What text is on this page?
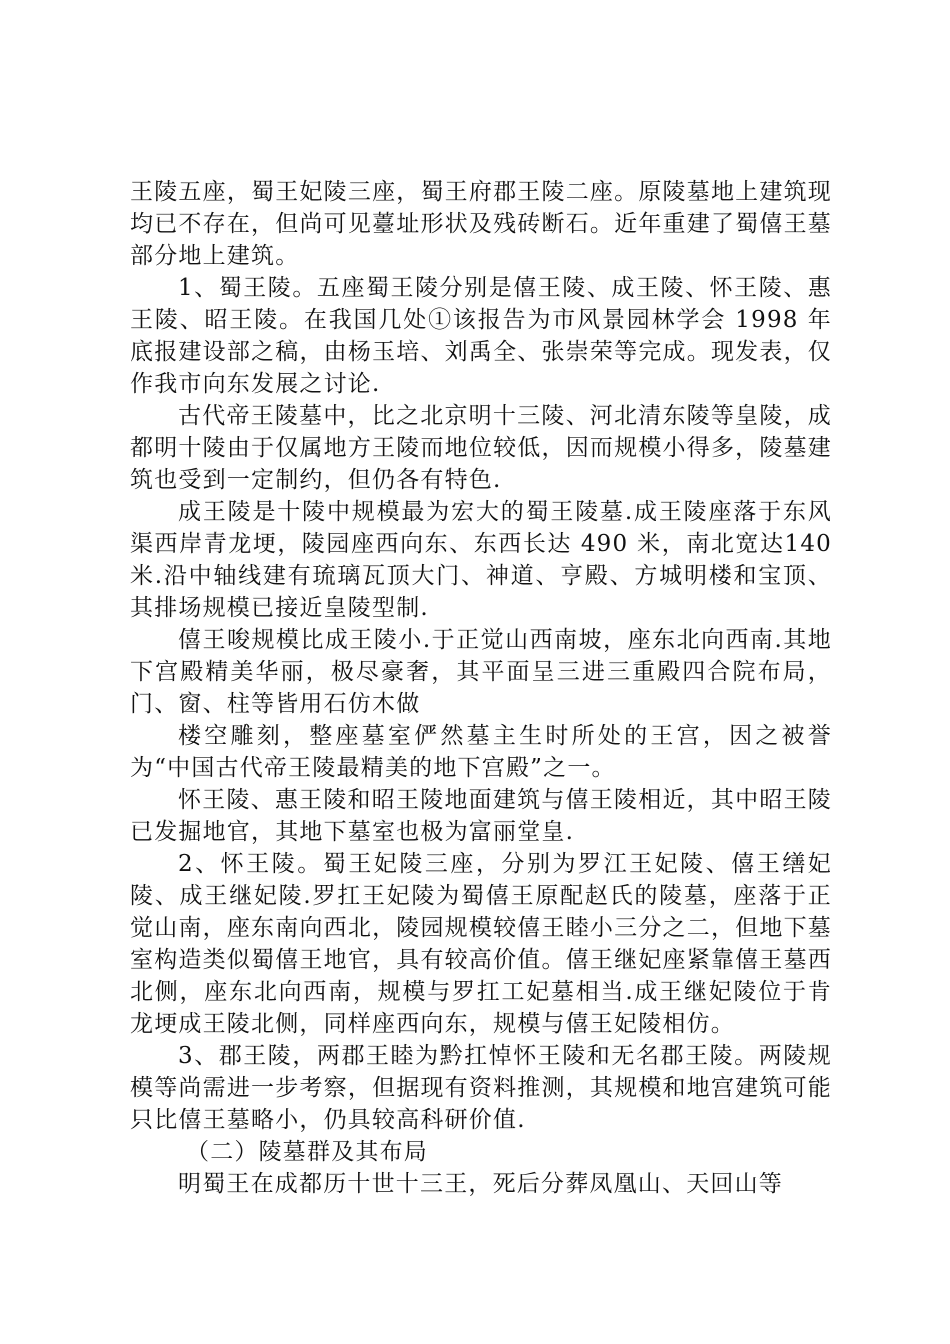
王陵五座，蜀王妃陵三座，蜀王府郡王陵二座。原陵墓地上建筑现均已不存在，但尚可见薹址形状及残砖断石。近年重建了蜀僖王墓部分地上建筑。

1、蜀王陵。五座蜀王陵分别是僖王陵、成王陵、怀王陵、惠王陵、昭王陵。在我国几处①该报告为市风景园林学会 1998 年底报建设部之稿，由杨玉培、刘禹全、张崇荣等完成。现发表，仅作我市向东发展之讨论.

古代帝王陵墓中，比之北京明十三陵、河北清东陵等皇陵，成都明十陵由于仅属地方王陵而地位较低，因而规模小得多，陵墓建筑也受到一定制约，但仍各有特色.

成王陵是十陵中规模最为宏大的蜀王陵墓.成王陵座落于东风渠西岸青龙埂，陵园座西向东、东西长达 490 米，南北宽达140 米.沿中轴线建有琉璃瓦顶大门、神道、亨殿、方城明楼和宝顶、其排场规模已接近皇陵型制.

僖王唆规模比成王陵小.于正觉山西南坡，座东北向西南.其地下宫殿精美华丽，极尽豪奢，其平面呈三进三重殿四合院布局，门、窗、柱等皆用石仿木做

楼空雕刻，整座墓室俨然墓主生时所处的王宫，因之被誉为“中国古代帝王陵最精美的地下宫殿”之一。

怀王陵、惠王陵和昭王陵地面建筑与僖王陵相近，其中昭王陵已发掘地官，其地下墓室也极为富丽堂皇.

2、怀王陵。蜀王妃陵三座，分别为罗江王妃陵、僖王缮妃陵、成王继妃陵.罗扛王妃陵为蜀僖王原配赵氏的陵墓，座落于正觉山南，座东南向西北，陵园规模较僖王睦小三分之二，但地下墓室构造类似蜀僖王地官，具有较高价值。僖王继妃座紧靠僖王墓西北侧，座东北向西南，规模与罗扛工妃墓相当.成王继妃陵位于肯龙埂成王陵北侧，同样座西向东，规模与僖王妃陵相仿。

3、郡王陵，两郡王睦为黔扛悼怀王陵和无名郡王陵。两陵规模等尚需进一步考察，但据现有资料推测，其规模和地宫建筑可能只比僖王墓略小，仍具较高科研价值.

（二）陵墓群及其布局

明蜀王在成都历十世十三王，死后分葬凤凰山、天回山等
